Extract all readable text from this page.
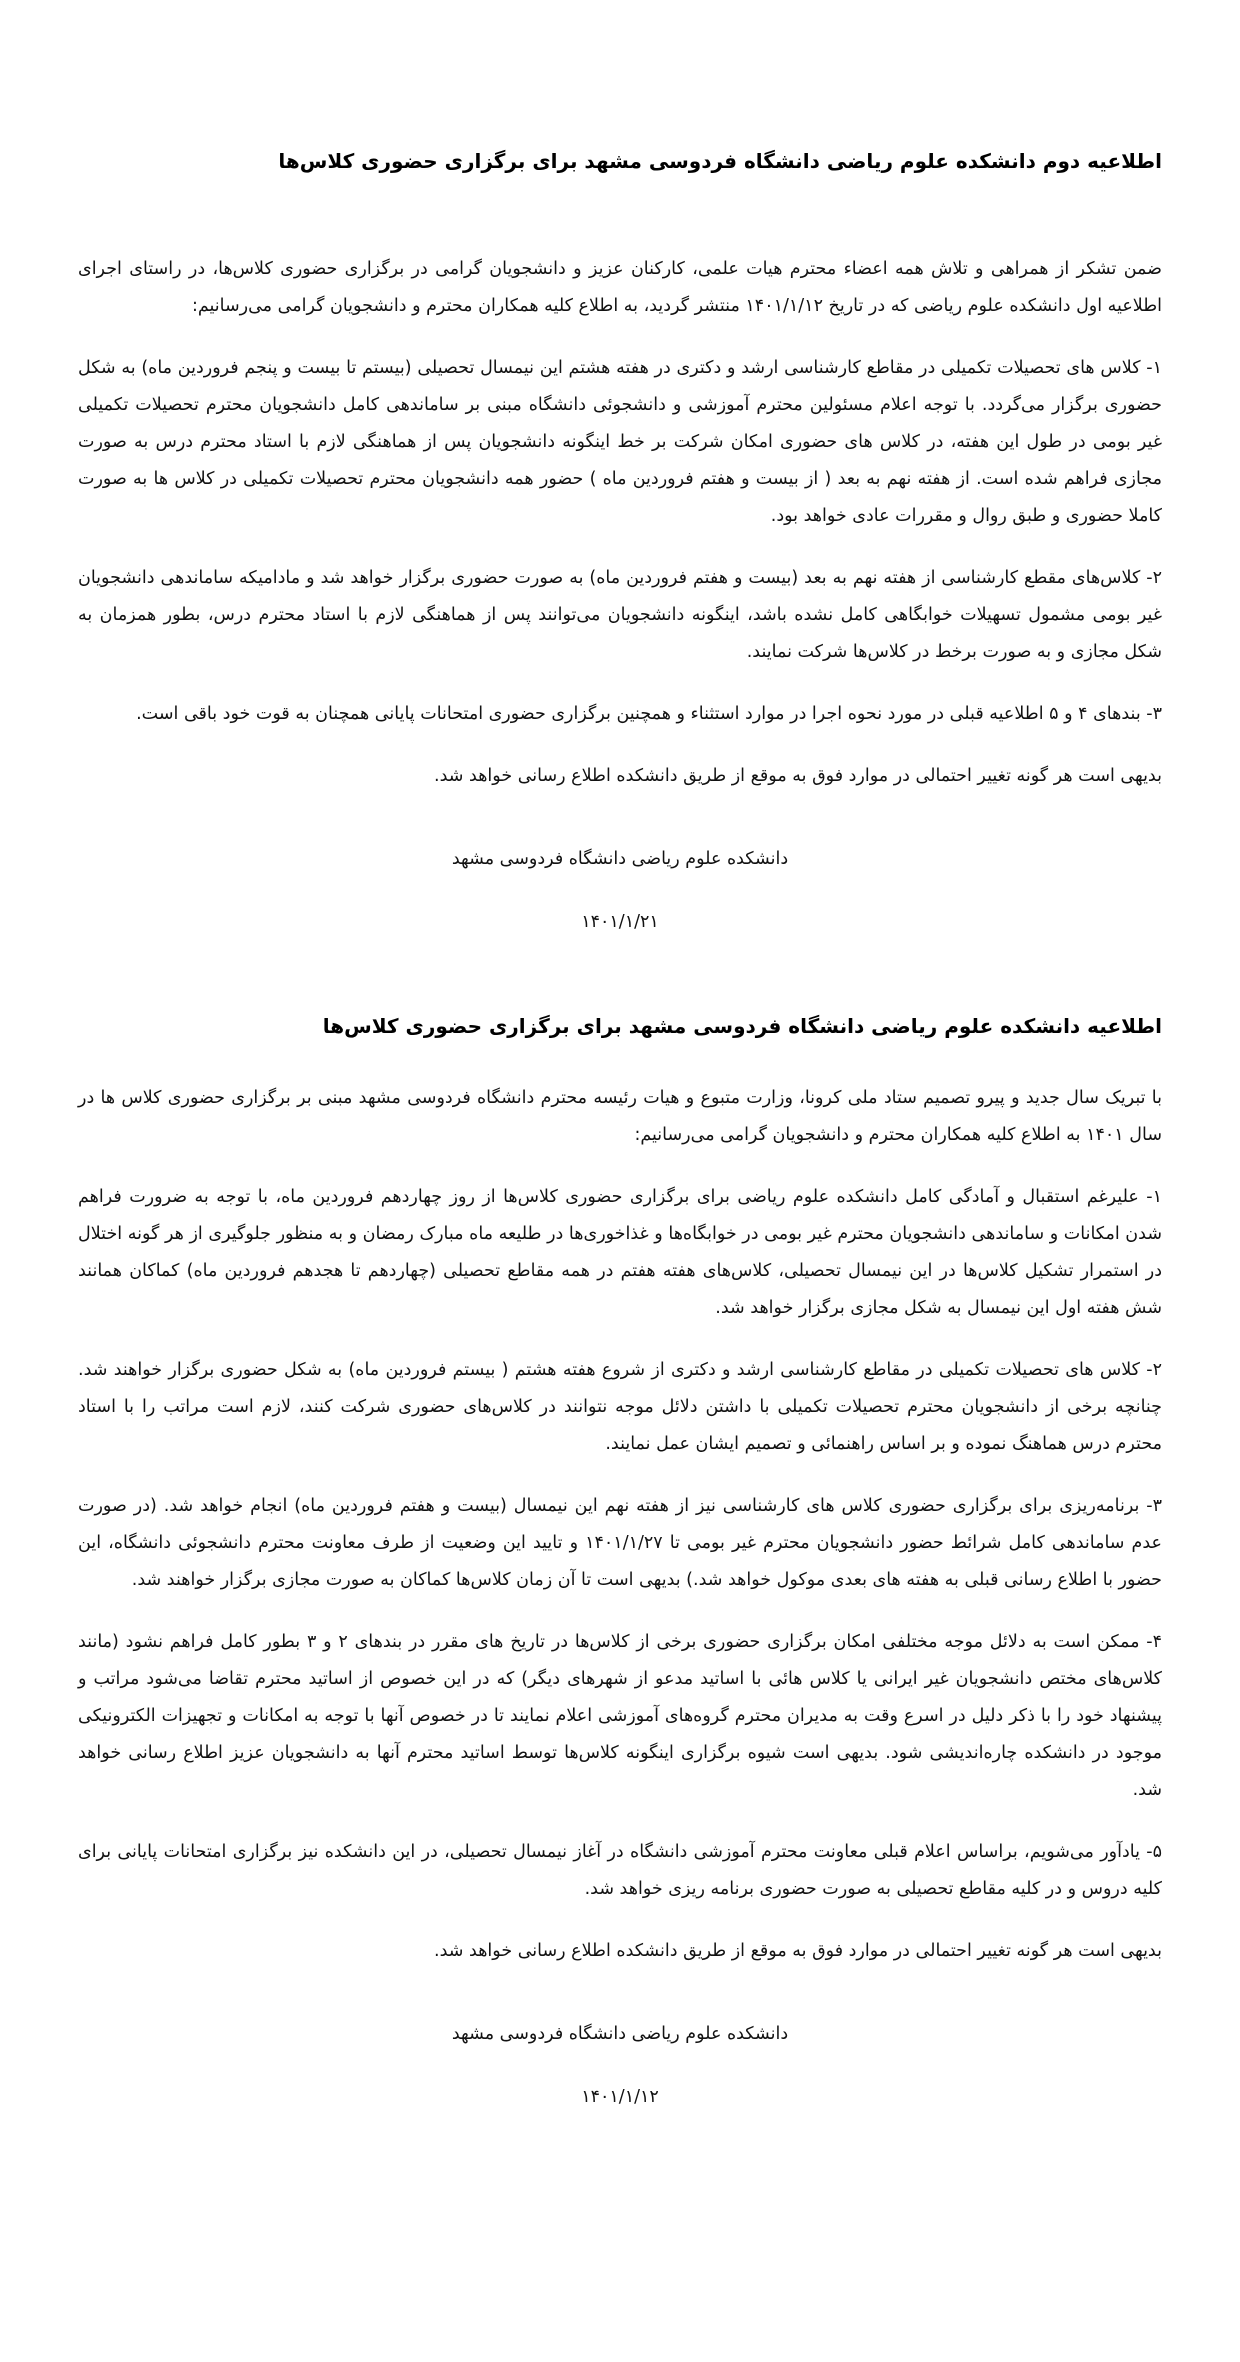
اطلاعیه دوم دانشکده علوم ریاضی دانشگاه فردوسی مشهد برای برگزاری حضوری کلاس‌ها

ضمن تشکر از همراهی و تلاش همه اعضاء محترم هیات علمی، کارکنان عزیز و دانشجویان گرامی در برگزاری حضوری کلاس‌ها، در راستای اجرای اطلاعیه اول دانشکده علوم ریاضی که در تاریخ ۱۴۰۱/۱/۱۲ منتشر گردید، به اطلاع کلیه همکاران محترم و دانشجویان گرامی می‌رسانیم:

۱- کلاس های تحصیلات تکمیلی در مقاطع کارشناسی ارشد و دکتری در هفته هشتم این نیمسال تحصیلی (بیستم تا بیست و پنجم فروردین ماه) به شکل حضوری برگزار می‌گردد. با توجه اعلام مسئولین محترم آموزشی و دانشجوئی دانشگاه مبنی بر ساماندهی کامل دانشجویان محترم تحصیلات تکمیلی غیر بومی در طول این هفته، در کلاس های حضوری امکان شرکت بر خط اینگونه دانشجویان پس از هماهنگی لازم با استاد محترم درس به صورت مجازی فراهم شده است. از هفته نهم به بعد ( از بیست و هفتم فروردین ماه ) حضور همه دانشجویان محترم تحصیلات تکمیلی در کلاس ها به صورت کاملا حضوری و طبق روال و مقررات عادی خواهد بود.

۲- کلاس‌های مقطع کارشناسی از هفته نهم به بعد (بیست و هفتم فروردین ماه) به صورت حضوری برگزار خواهد شد و مادامیکه ساماندهی دانشجویان غیر بومی مشمول تسهیلات خوابگاهی کامل نشده باشد، اینگونه دانشجویان می‌توانند پس از هماهنگی لازم با استاد محترم درس، بطور همزمان به شکل مجازی و به صورت برخط در کلاس‌ها شرکت نمایند.

۳- بندهای ۴ و ۵ اطلاعیه قبلی در مورد نحوه اجرا در موارد استثناء و همچنین برگزاری حضوری امتحانات پایانی همچنان به قوت خود باقی است.

بدیهی است هر گونه تغییر احتمالی در موارد فوق به موقع از طریق دانشکده اطلاع رسانی خواهد شد.

دانشکده علوم ریاضی دانشگاه فردوسی مشهد

۱۴۰۱/۱/۲۱

اطلاعیه دانشکده علوم ریاضی دانشگاه فردوسی مشهد برای برگزاری حضوری کلاس‌ها

با تبریک سال جدید و پیرو تصمیم ستاد ملی کرونا، وزارت متبوع و هیات رئیسه محترم دانشگاه فردوسی مشهد مبنی بر برگزاری حضوری کلاس ها در سال ۱۴۰۱ به اطلاع کلیه همکاران محترم و دانشجویان گرامی می‌رسانیم:

۱- علیرغم استقبال و آمادگی کامل دانشکده علوم ریاضی برای برگزاری حضوری کلاس‌ها از روز چهاردهم فروردین ماه، با توجه به ضرورت فراهم شدن امکانات و ساماندهی دانشجویان محترم غیر بومی در خوابگاه‌ها و غذاخوری‌ها در طلیعه ماه مبارک رمضان و به منظور جلوگیری از هر گونه اختلال در استمرار تشکیل کلاس‌ها در این نیمسال تحصیلی، کلاس‌های هفته هفتم در همه مقاطع تحصیلی (چهاردهم تا هجدهم فروردین ماه) کماکان همانند شش هفته اول این نیمسال به شکل مجازی برگزار خواهد شد.

۲- کلاس های تحصیلات تکمیلی در مقاطع کارشناسی ارشد و دکتری از شروع هفته هشتم ( بیستم فروردین ماه) به شکل حضوری برگزار خواهند شد. چنانچه برخی از دانشجویان محترم تحصیلات تکمیلی با داشتن دلائل موجه نتوانند در کلاس‌های حضوری شرکت کنند، لازم است مراتب را با استاد محترم درس هماهنگ نموده و بر اساس راهنمائی و تصمیم ایشان عمل نمایند.

۳- برنامه‌ریزی برای برگزاری حضوری کلاس های کارشناسی نیز از هفته نهم این نیمسال (بیست و هفتم فروردین ماه) انجام خواهد شد. (در صورت عدم ساماندهی کامل شرائط حضور دانشجویان محترم غیر بومی تا ۱۴۰۱/۱/۲۷ و تایید این وضعیت از طرف معاونت محترم دانشجوئی دانشگاه، این حضور با اطلاع رسانی قبلی به هفته های بعدی موکول خواهد شد.) بدیهی است تا آن زمان کلاس‌ها کماکان به صورت مجازی برگزار خواهند شد.

۴- ممکن است به دلائل موجه مختلفی امکان برگزاری حضوری برخی از کلاس‌ها در تاریخ های مقرر در بندهای ۲ و ۳ بطور کامل فراهم نشود (مانند کلاس‌های مختص دانشجویان غیر ایرانی یا کلاس هائی با اساتید مدعو از شهرهای دیگر) که در این خصوص از اساتید محترم تقاضا می‌شود مراتب و پیشنهاد خود را با ذکر دلیل در اسرع وقت به مدیران محترم گروه‌های آموزشی اعلام نمایند تا در خصوص آنها با توجه به امکانات و تجهیزات الکترونیکی موجود در دانشکده چاره‌اندیشی شود. بدیهی است شیوه برگزاری اینگونه کلاس‌ها توسط اساتید محترم آنها به دانشجویان عزیز اطلاع رسانی خواهد شد.

۵- یادآور می‌شویم، براساس اعلام قبلی معاونت محترم آموزشی دانشگاه در آغاز نیمسال تحصیلی، در این دانشکده نیز برگزاری امتحانات پایانی برای کلیه دروس و در کلیه مقاطع تحصیلی به صورت حضوری برنامه ریزی خواهد شد.

بدیهی است هر گونه تغییر احتمالی در موارد فوق به موقع از طریق دانشکده اطلاع رسانی خواهد شد.

دانشکده علوم ریاضی دانشگاه فردوسی مشهد

۱۴۰۱/۱/۱۲
